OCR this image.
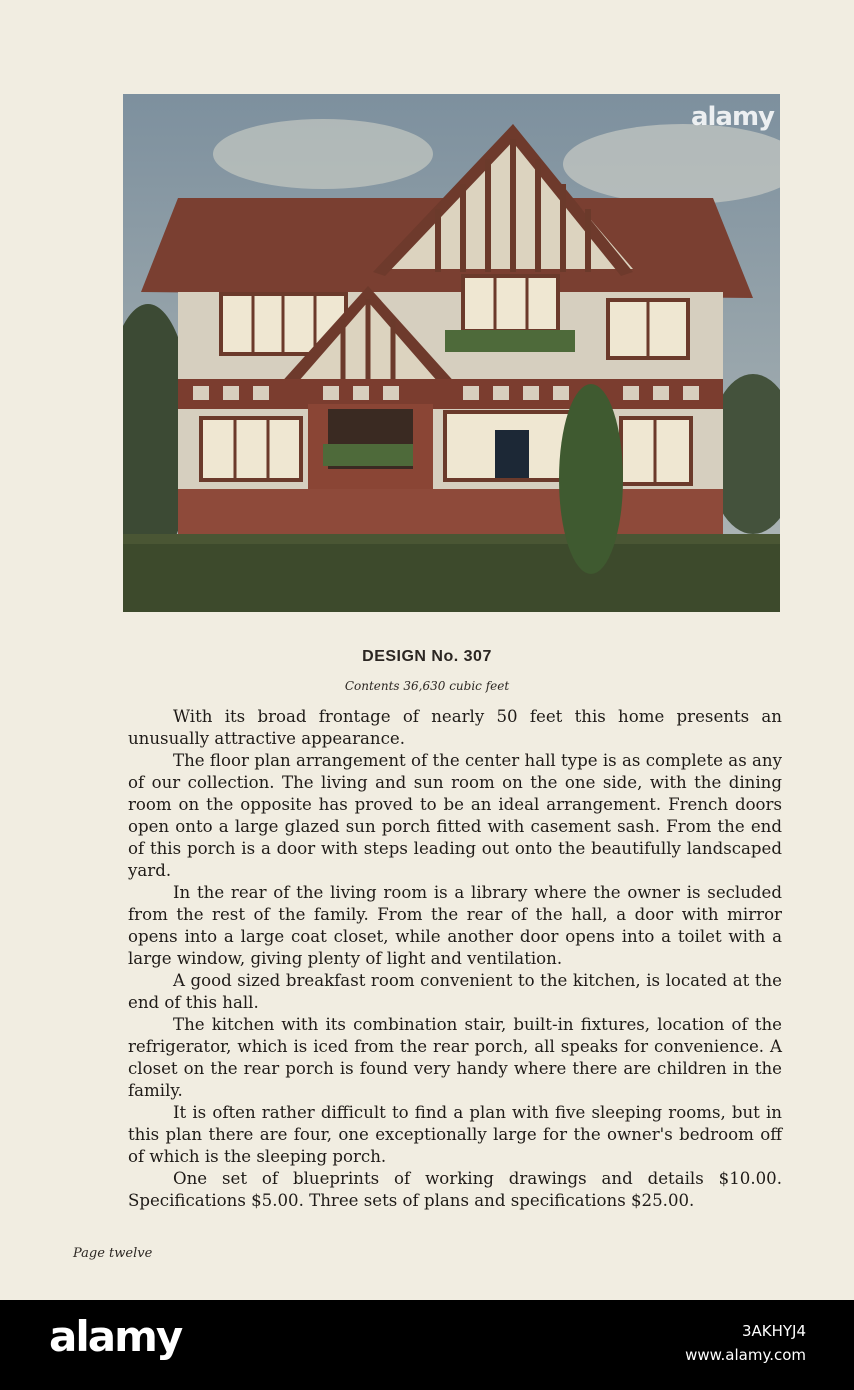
alamy
DESIGN No. 307
Contents 36,630 cubic feet

With its broad frontage of nearly 50 feet this home presents an unusually attractive appearance.

The floor plan arrangement of the center hall type is as complete as any of our collection. The living and sun room on the one side, with the dining room on the opposite has proved to be an ideal arrangement. French doors open onto a large glazed sun porch fitted with casement sash. From the end of this porch is a door with steps leading out onto the beautifully landscaped yard.

In the rear of the living room is a library where the owner is secluded from the rest of the family. From the rear of the hall, a door with mirror opens into a large coat closet, while another door opens into a toilet with a large window, giving plenty of light and ventilation.

A good sized breakfast room convenient to the kitchen, is located at the end of this hall.

The kitchen with its combination stair, built-in fixtures, location of the refrigerator, which is iced from the rear porch, all speaks for convenience. A closet on the rear porch is found very handy where there are children in the family.

It is often rather difficult to find a plan with five sleeping rooms, but in this plan there are four, one exceptionally large for the owner's bedroom off of which is the sleeping porch.

One set of blueprints of working drawings and details $10.00. Specifications $5.00. Three sets of plans and specifications $25.00.

Page twelve
alamy	3AKHYJ4
www.alamy.com
